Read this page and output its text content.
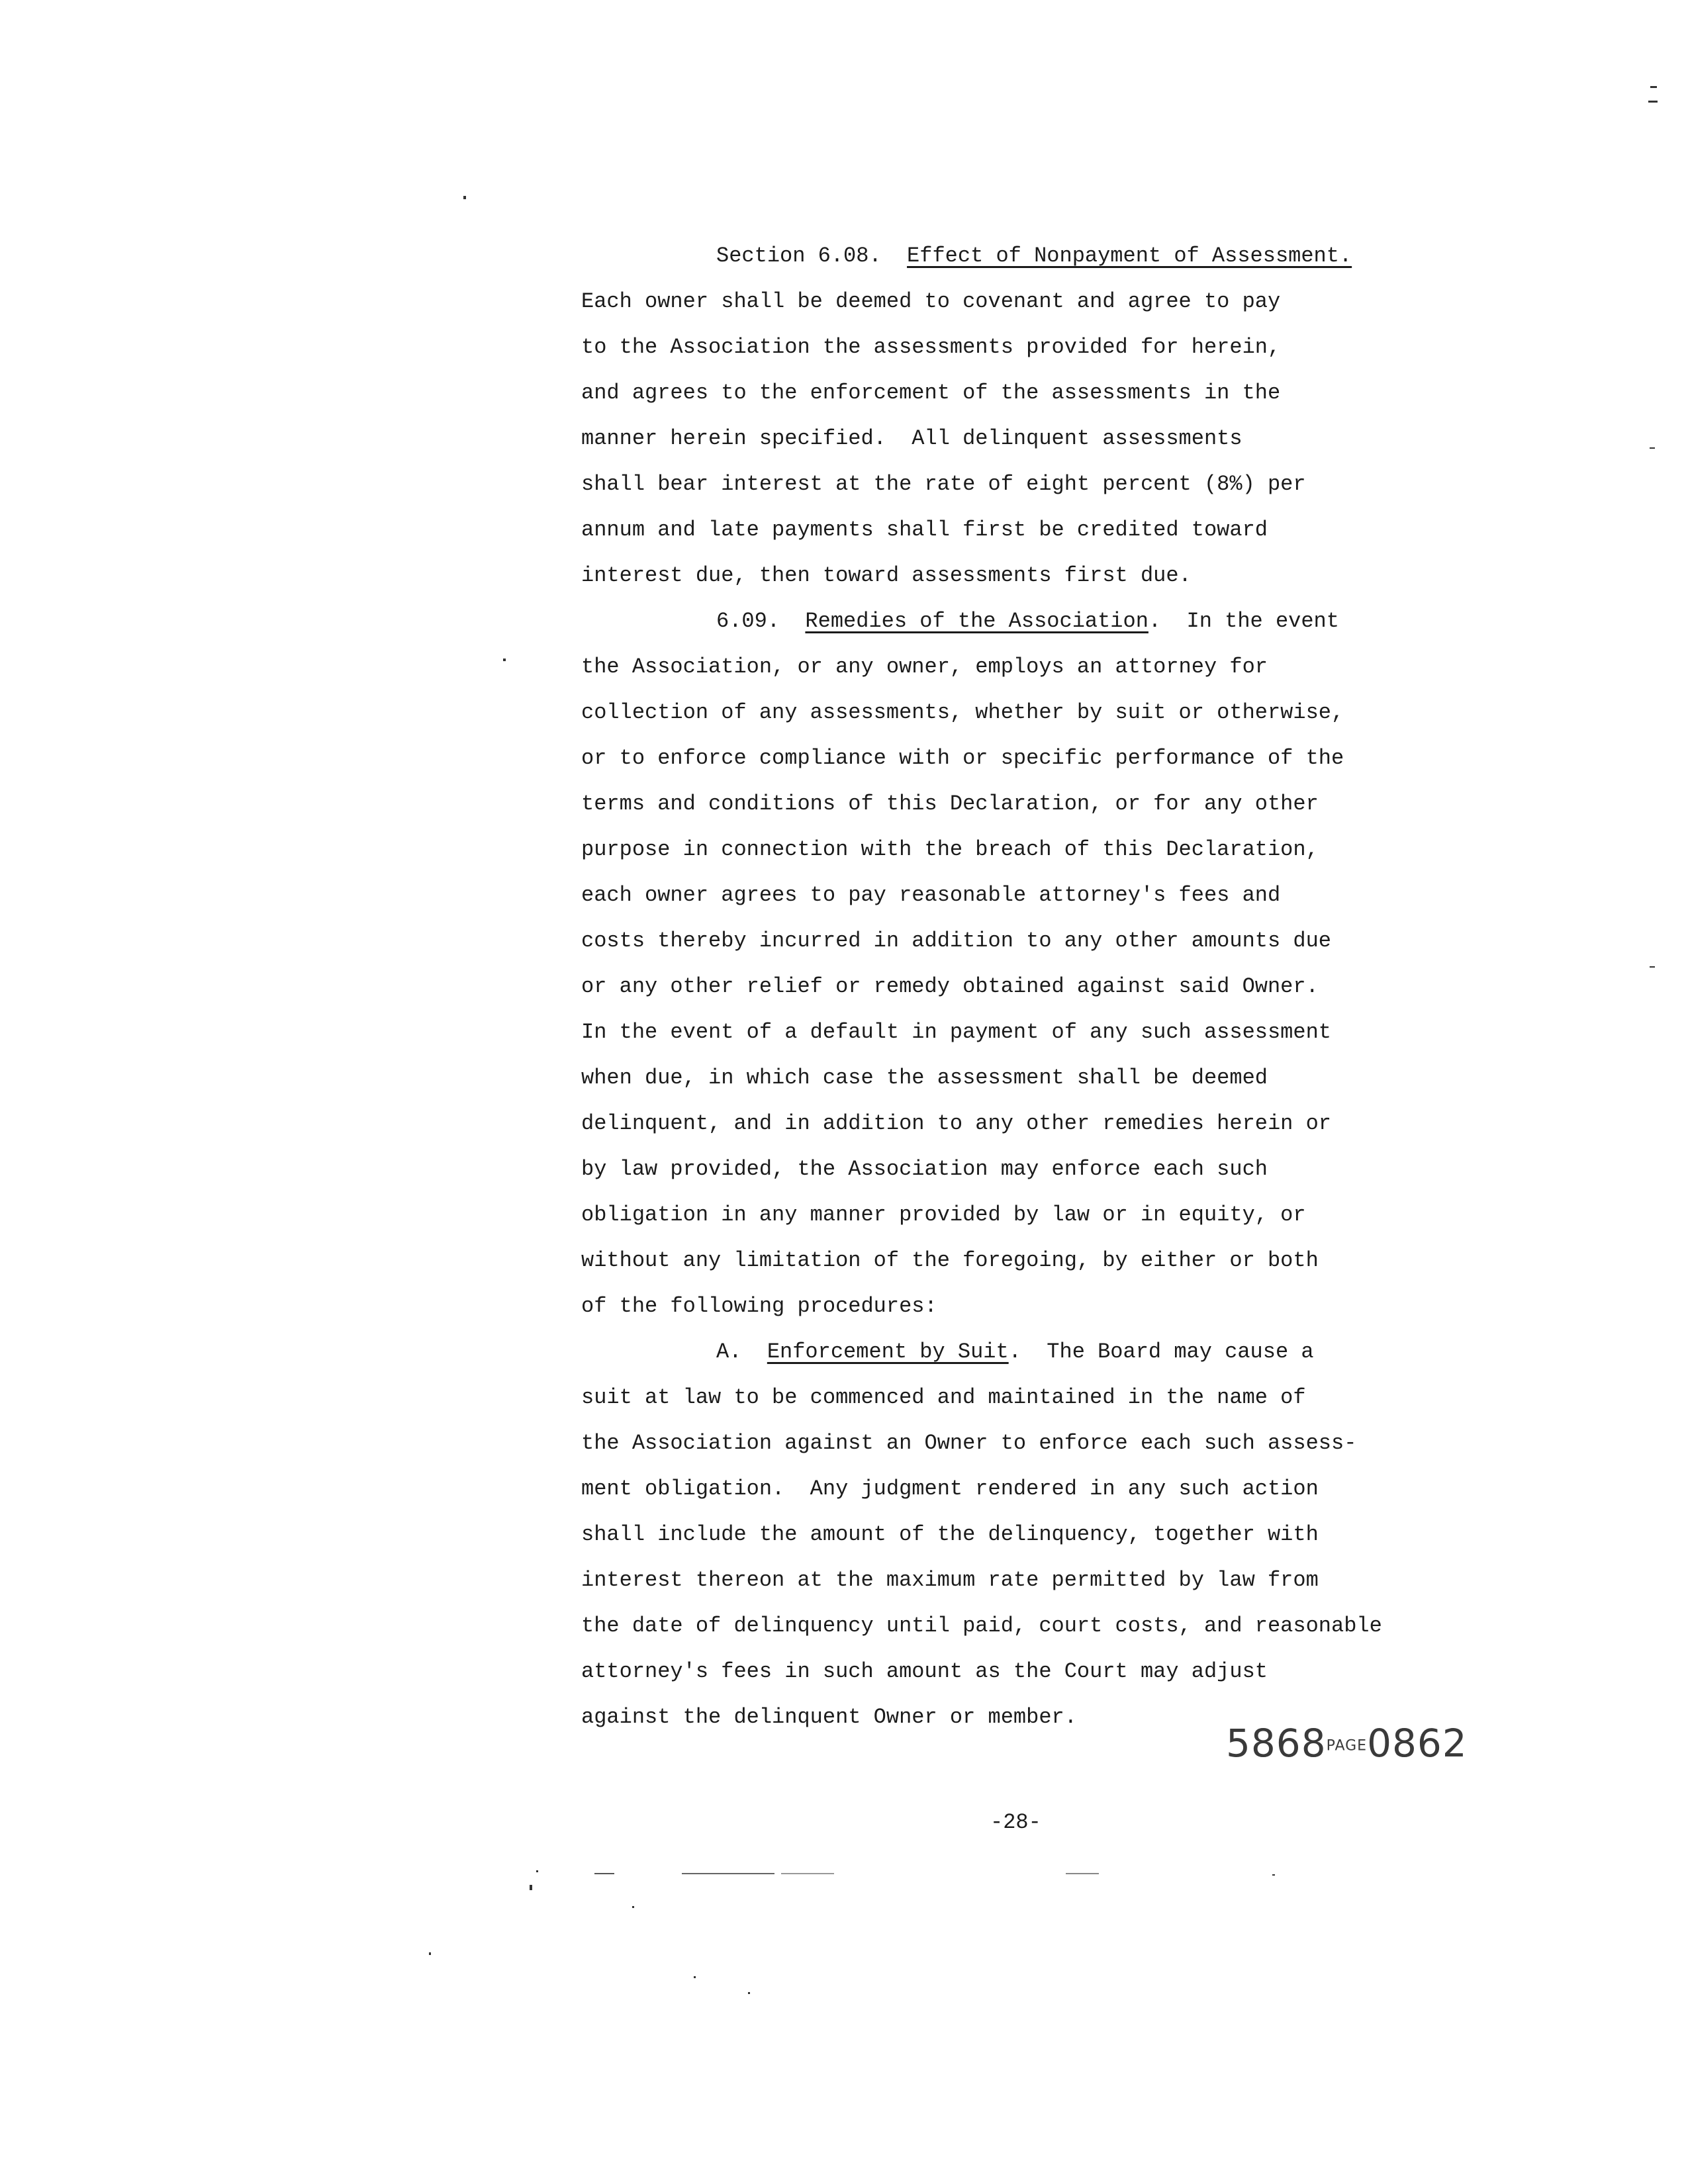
Section 6.08. Effect of Nonpayment of Assessment.
Each owner shall be deemed to covenant and agree to pay
to the Association the assessments provided for herein,
and agrees to the enforcement of the assessments in the
manner herein specified.  All delinquent assessments
shall bear interest at the rate of eight percent (8%) per
annum and late payments shall first be credited toward
interest due, then toward assessments first due.
6.09. Remedies of the Association.  In the event
the Association, or any owner, employs an attorney for
collection of any assessments, whether by suit or otherwise,
or to enforce compliance with or specific performance of the
terms and conditions of this Declaration, or for any other
purpose in connection with the breach of this Declaration,
each owner agrees to pay reasonable attorney's fees and
costs thereby incurred in addition to any other amounts due
or any other relief or remedy obtained against said Owner.
In the event of a default in payment of any such assessment
when due, in which case the assessment shall be deemed
delinquent, and in addition to any other remedies herein or
by law provided, the Association may enforce each such
obligation in any manner provided by law or in equity, or
without any limitation of the foregoing, by either or both
of the following procedures:
A. Enforcement by Suit.  The Board may cause a
suit at law to be commenced and maintained in the name of
the Association against an Owner to enforce each such assess-
ment obligation.  Any judgment rendered in any such action
shall include the amount of the delinquency, together with
interest thereon at the maximum rate permitted by law from
the date of delinquency until paid, court costs, and reasonable
attorney's fees in such amount as the Court may adjust
against the delinquent Owner or member.
5868PAGE0862
-28-
